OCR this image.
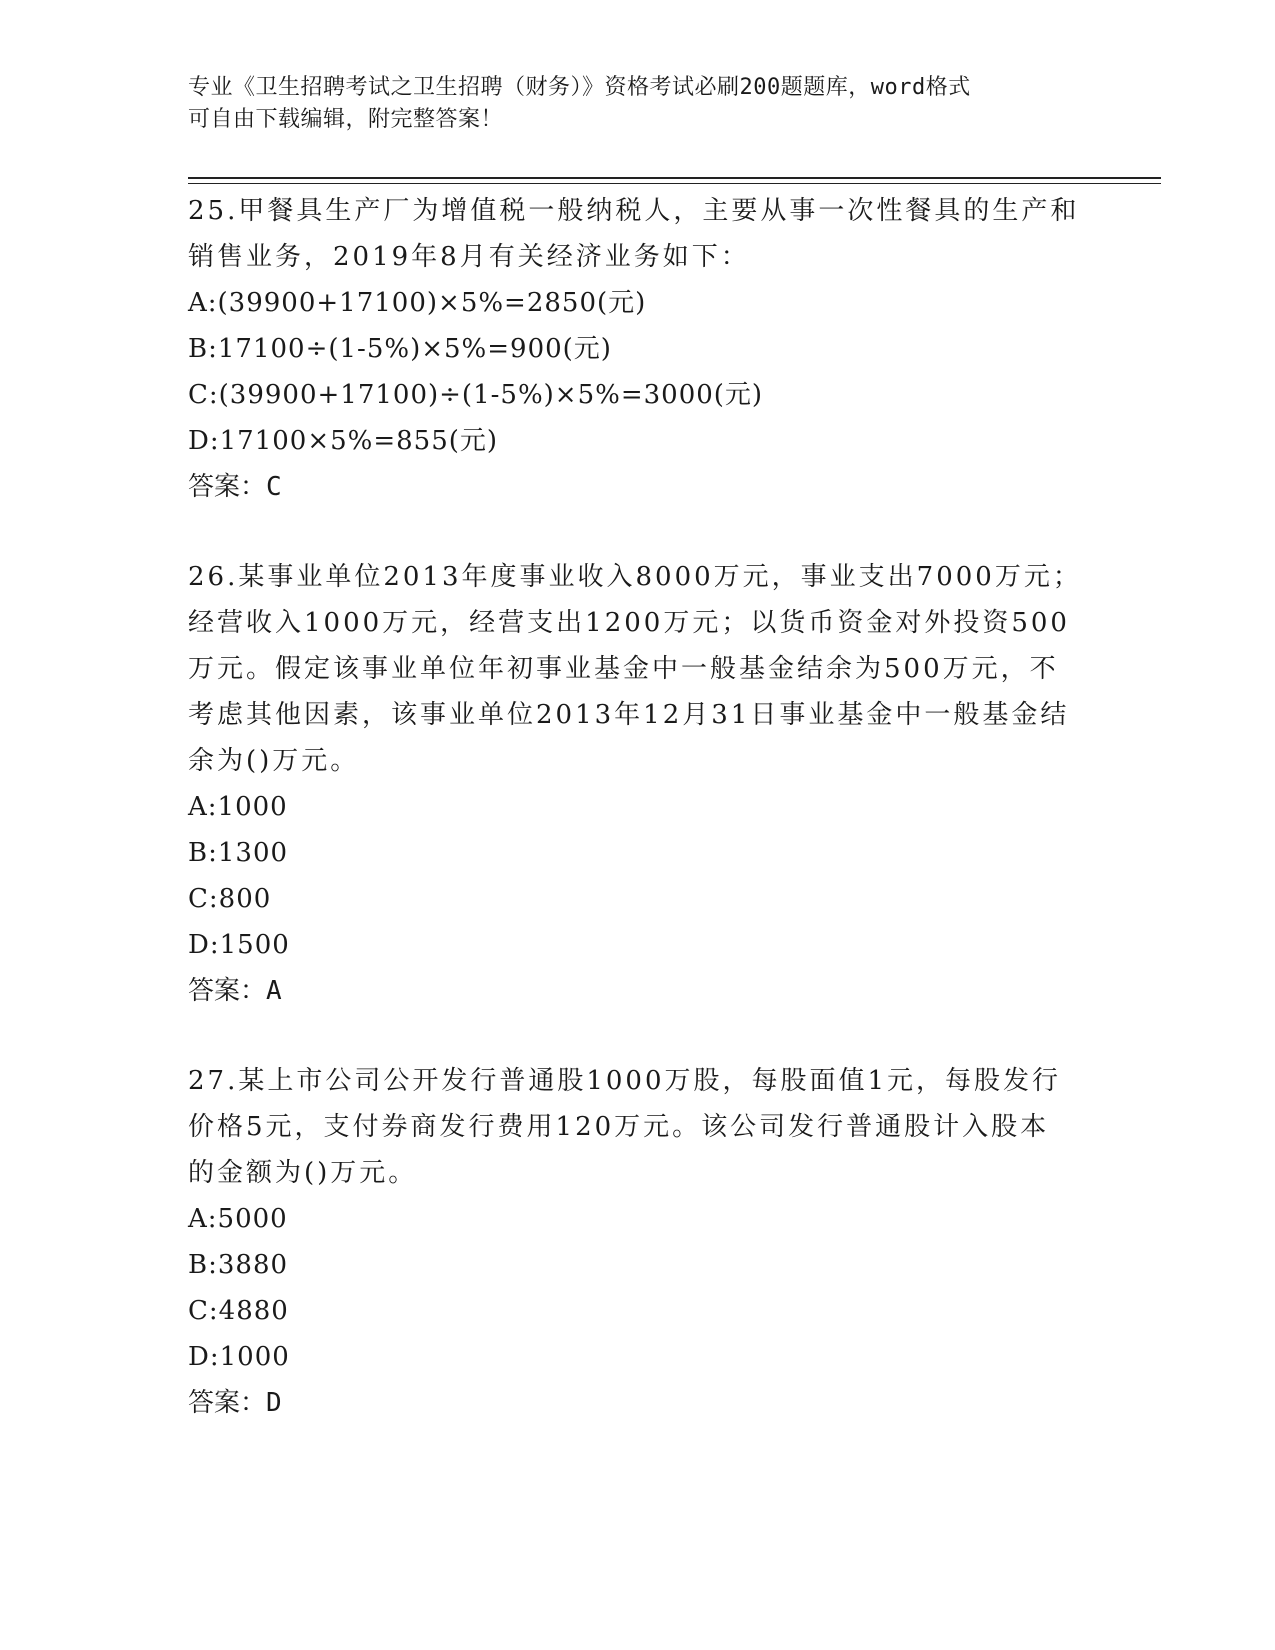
专业《卫生招聘考试之卫生招聘（财务）》资格考试必刷200题题库，word格式
可自由下载编辑，附完整答案！
25.甲餐具生产厂为增值税一般纳税人，主要从事一次性餐具的生产和
销售业务，2019年8月有关经济业务如下：
A:(39900+17100)×5%=2850(元)
B:17100÷(1-5%)×5%=900(元)
C:(39900+17100)÷(1-5%)×5%=3000(元)
D:17100×5%=855(元)
答案：C
26.某事业单位2013年度事业收入8000万元，事业支出7000万元；
经营收入1000万元，经营支出1200万元；以货币资金对外投资500
万元。假定该事业单位年初事业基金中一般基金结余为500万元，不
考虑其他因素，该事业单位2013年12月31日事业基金中一般基金结
余为()万元。
A:1000
B:1300
C:800
D:1500
答案：A
27.某上市公司公开发行普通股1000万股，每股面值1元，每股发行
价格5元，支付券商发行费用120万元。该公司发行普通股计入股本
的金额为()万元。
A:5000
B:3880
C:4880
D:1000
答案：D
